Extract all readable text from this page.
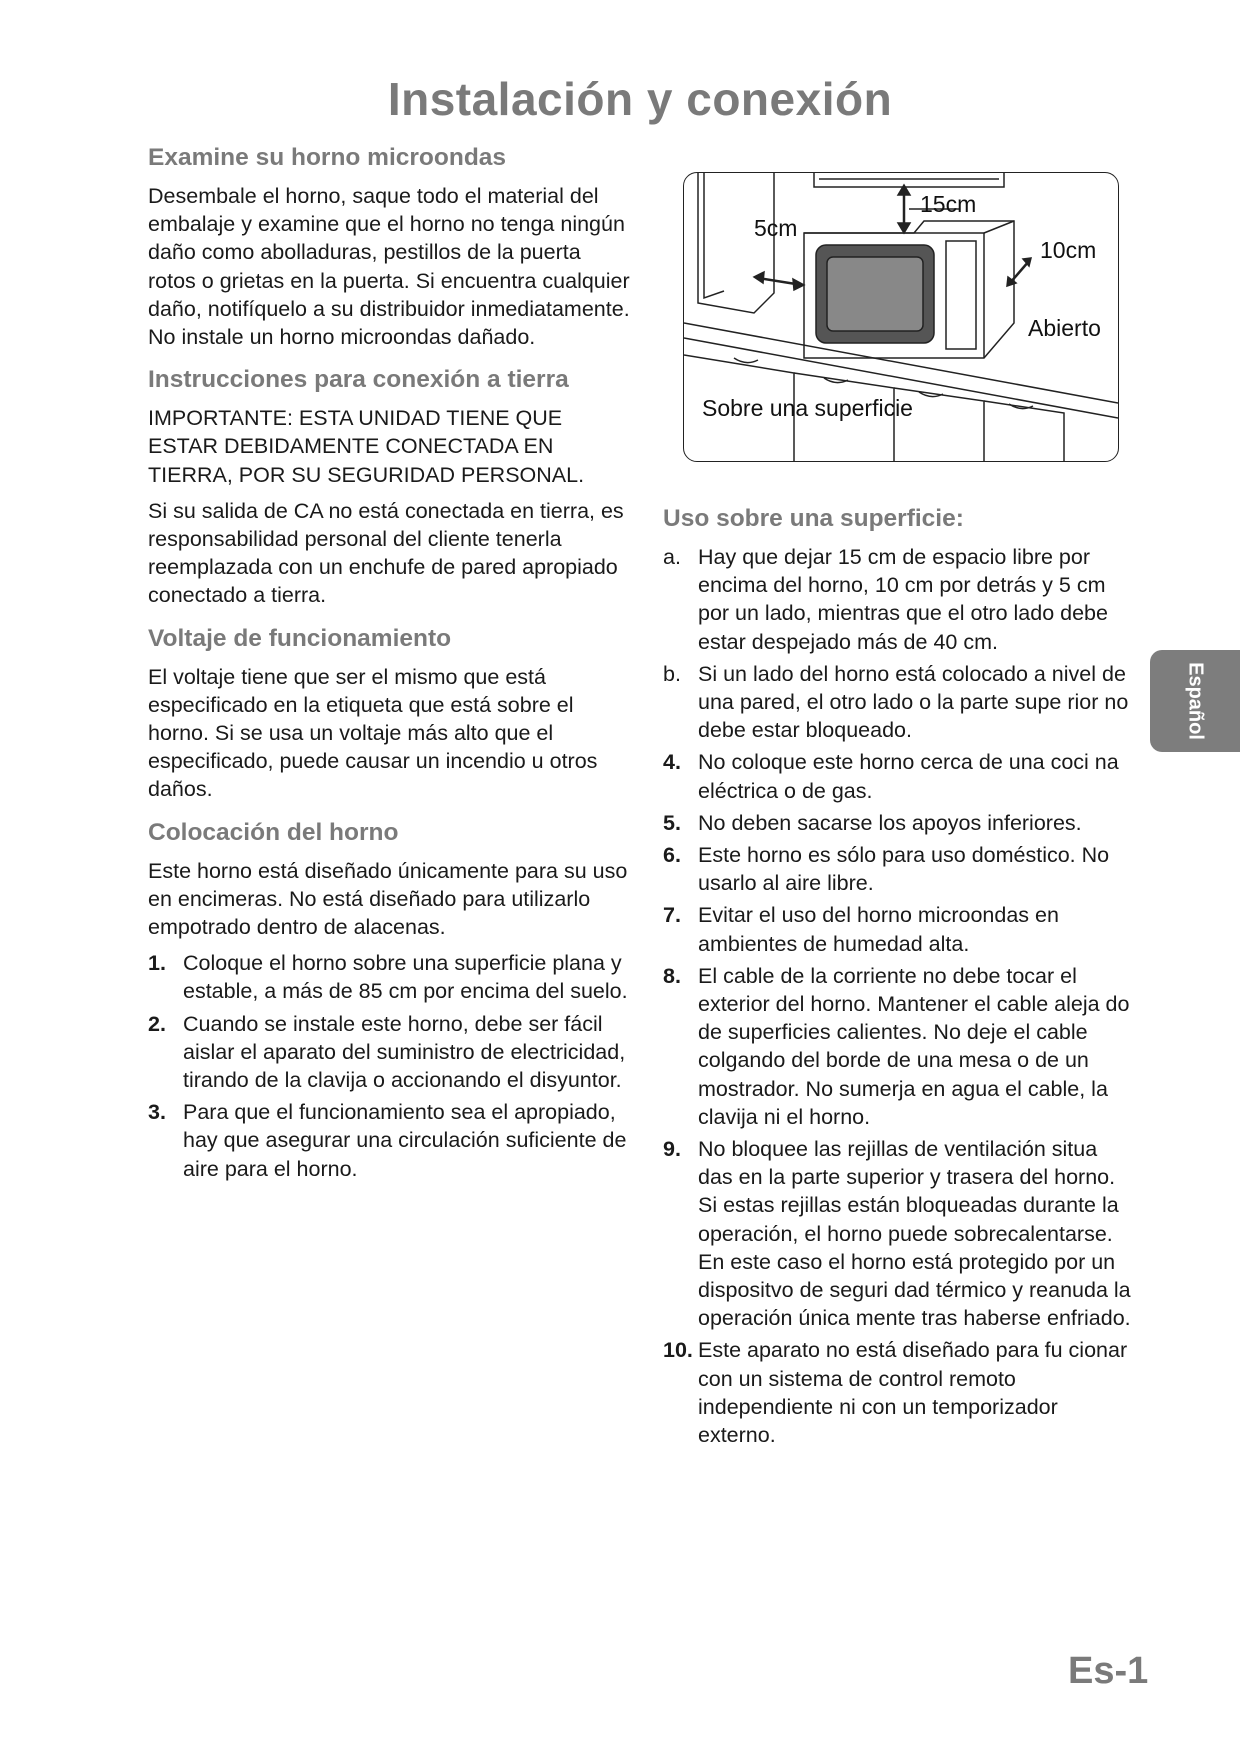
Instalación y conexión
Examine su horno microondas

Desembale el horno, saque todo el material del embalaje y examine que el horno no tenga ningún daño como abolladuras, pestillos de la puerta rotos o grietas en la puerta. Si encuentra cualquier daño, notifíquelo a su distribuidor inmediatamente. No instale un horno microondas dañado.

Instrucciones para conexión a tierra

IMPORTANTE: ESTA UNIDAD TIENE QUE ESTAR DEBIDAMENTE CONECTADA EN TIERRA, POR SU SEGURIDAD PERSONAL.

Si su salida de CA no está conectada en tierra, es responsabilidad personal del cliente tenerla reemplazada con un enchufe de pared apropiado conectado a tierra.

Voltaje de funcionamiento

El voltaje tiene que ser el mismo que está especificado en la etiqueta que está sobre el horno. Si se usa un voltaje más alto que el especificado, puede causar un incendio u otros daños.

Colocación del horno

Este horno está diseñado únicamente para su uso en encimeras. No está diseñado para utilizarlo empotrado dentro de alacenas.

1. Coloque el horno sobre una superficie plana y estable, a más de 85 cm por encima del suelo.
2. Cuando se instale este horno, debe ser fácil aislar el aparato del suministro de electricidad, tirando de la clavija o accionando el disyuntor.
3. Para que el funcionamiento sea el apropiado, hay que asegurar una circulación suficiente de aire para el horno.
15cm
5cm
10cm
Abierto
Sobre una superficie
Uso sobre una superficie:
a. Hay que dejar 15 cm de espacio libre por encima del horno, 10 cm por detrás y 5 cm por un lado, mientras que el otro lado debe estar despejado más de 40 cm.
b. Si un lado del horno está colocado a nivel de una pared, el otro lado o la parte supe rior no debe estar bloqueado.
4. No coloque este horno cerca de una coci na eléctrica o de gas.
5. No deben sacarse los apoyos inferiores.
6. Este horno es sólo para uso doméstico. No usarlo al aire libre.
7. Evitar el uso del horno microondas en ambientes de humedad alta.
8. El cable de la corriente no debe tocar el exterior del horno. Mantener el cable aleja do de superficies calientes. No deje el cable colgando del borde de una mesa o de un mostrador. No sumerja en agua el cable, la clavija ni el horno.
9. No bloquee las rejillas de ventilación situa das en la parte superior y trasera del horno. Si estas rejillas están bloqueadas durante la operación, el horno puede sobrecalentarse. En este caso el horno está protegido por un dispositvo de seguri dad térmico y reanuda la operación única mente tras haberse enfriado.
10. Este aparato no está diseñado para fu cionar con un sistema de control remoto independiente ni con un temporizador externo.
Español
Es-1
